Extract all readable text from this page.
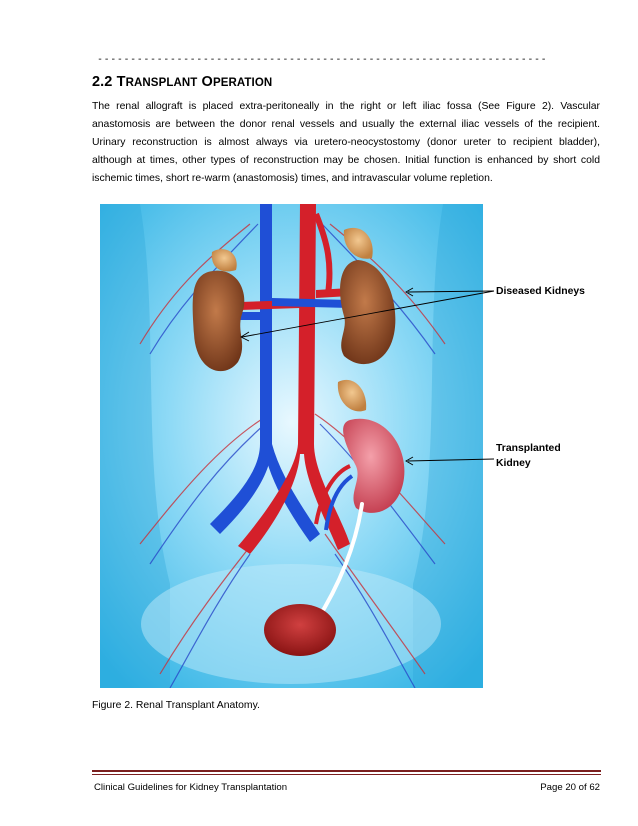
--------------------------------------------------------------------
2.2 TRANSPLANT OPERATION

The renal allograft is placed extra-peritoneally in the right or left iliac fossa (See Figure 2). Vascular anastomosis are between the donor renal vessels and usually the external iliac vessels of the recipient. Urinary reconstruction is almost always via uretero-neocystostomy (donor ureter to recipient bladder), although at times, other types of reconstruction may be chosen. Initial function is enhanced by short cold ischemic times, short re-warm (anastomosis) times, and intravascular volume repletion.

Diseased Kidneys
Transplanted Kidney
Figure 2. Renal Transplant Anatomy.
Clinical Guidelines for Kidney Transplantation	Page 20 of 62
